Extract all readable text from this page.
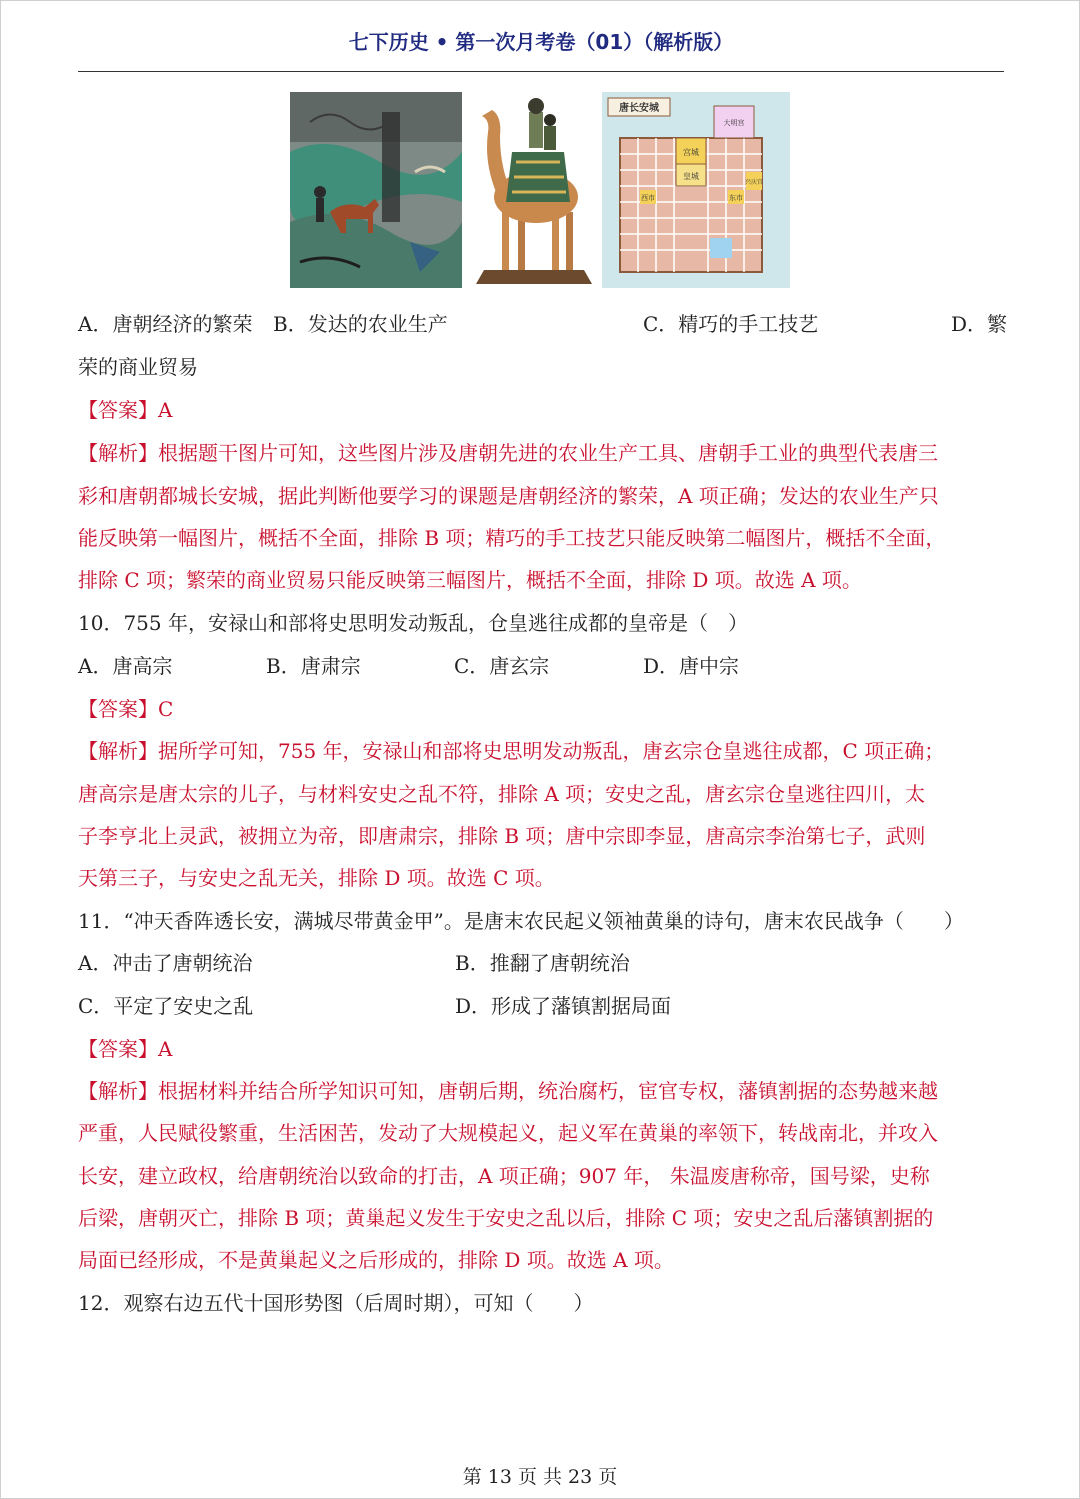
七下历史 • 第一次月考卷（01）（解析版）
唐长安城
宫城
皇城
西市	东市
大明宫
兴庆宫
A．唐朝经济的繁荣 B．发达的农业生产	C．精巧的手工技艺	D．繁
荣的商业贸易
【答案】A
【解析】根据题干图片可知，这些图片涉及唐朝先进的农业生产工具、唐朝手工业的典型代表唐三
彩和唐朝都城长安城，据此判断他要学习的课题是唐朝经济的繁荣，A 项正确；发达的农业生产只
能反映第一幅图片，概括不全面，排除 B 项；精巧的手工技艺只能反映第二幅图片，概括不全面，
排除 C 项；繁荣的商业贸易只能反映第三幅图片，概括不全面，排除 D 项。故选 A 项。
10．755 年，安禄山和部将史思明发动叛乱，仓皇逃往成都的皇帝是（　）
A．唐高宗	B．唐肃宗	C．唐玄宗	D．唐中宗
【答案】C
【解析】据所学可知，755 年，安禄山和部将史思明发动叛乱，唐玄宗仓皇逃往成都，C 项正确；
唐高宗是唐太宗的儿子，与材料安史之乱不符，排除 A 项；安史之乱，唐玄宗仓皇逃往四川，太
子李亨北上灵武，被拥立为帝，即唐肃宗，排除 B 项；唐中宗即李显，唐高宗李治第七子，武则
天第三子，与安史之乱无关，排除 D 项。故选 C 项。
11．“冲天香阵透长安，满城尽带黄金甲”。是唐末农民起义领袖黄巢的诗句，唐末农民战争（　　）
A．冲击了唐朝统治	B．推翻了唐朝统治
C．平定了安史之乱	D．形成了藩镇割据局面
【答案】A
【解析】根据材料并结合所学知识可知，唐朝后期，统治腐朽，宦官专权，藩镇割据的态势越来越
严重，人民赋役繁重，生活困苦，发动了大规模起义，起义军在黄巢的率领下，转战南北，并攻入
长安，建立政权，给唐朝统治以致命的打击，A 项正确；907 年， 朱温废唐称帝，国号梁，史称
后梁，唐朝灭亡，排除 B 项；黄巢起义发生于安史之乱以后，排除 C 项；安史之乱后藩镇割据的
局面已经形成，不是黄巢起义之后形成的，排除 D 项。故选 A 项。
12．观察右边五代十国形势图（后周时期），可知（　　）
第 13 页 共 23 页
